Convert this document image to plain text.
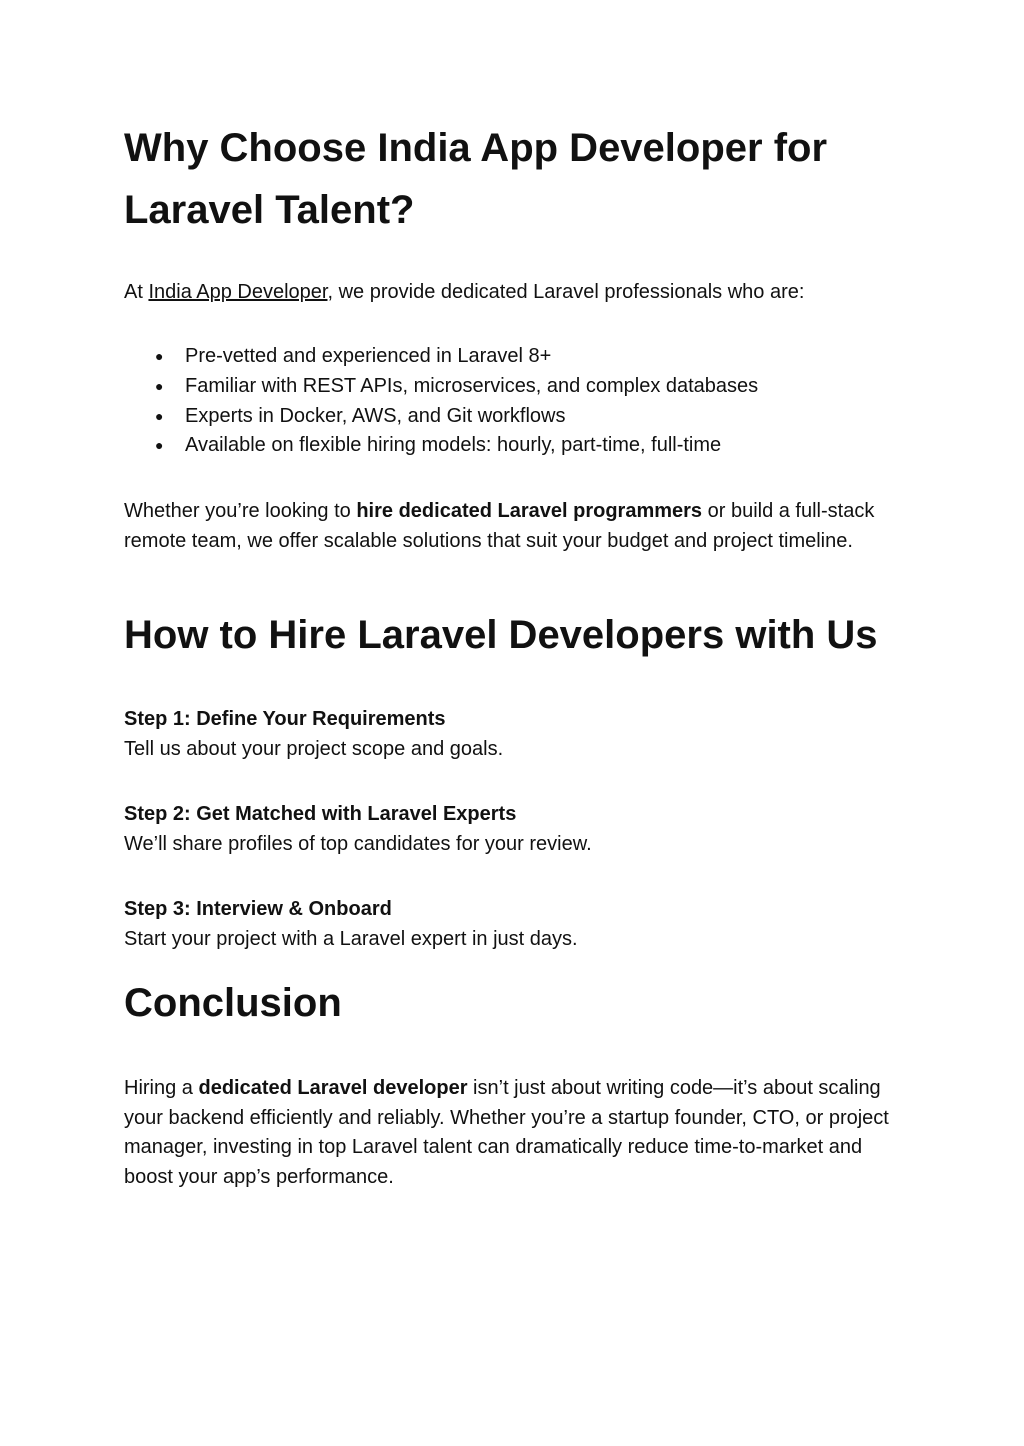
Why Choose India App Developer for Laravel Talent?

At India App Developer, we provide dedicated Laravel professionals who are:

● Pre-vetted and experienced in Laravel 8+
● Familiar with REST APIs, microservices, and complex databases
● Experts in Docker, AWS, and Git workflows
● Available on flexible hiring models: hourly, part-time, full-time

Whether you’re looking to hire dedicated Laravel programmers or build a full-stack remote team, we offer scalable solutions that suit your budget and project timeline.

How to Hire Laravel Developers with Us

Step 1: Define Your Requirements
Tell us about your project scope and goals.

Step 2: Get Matched with Laravel Experts
We’ll share profiles of top candidates for your review.

Step 3: Interview & Onboard
Start your project with a Laravel expert in just days.

Conclusion

Hiring a dedicated Laravel developer isn’t just about writing code—it’s about scaling your backend efficiently and reliably. Whether you’re a startup founder, CTO, or project manager, investing in top Laravel talent can dramatically reduce time-to-market and boost your app’s performance.
